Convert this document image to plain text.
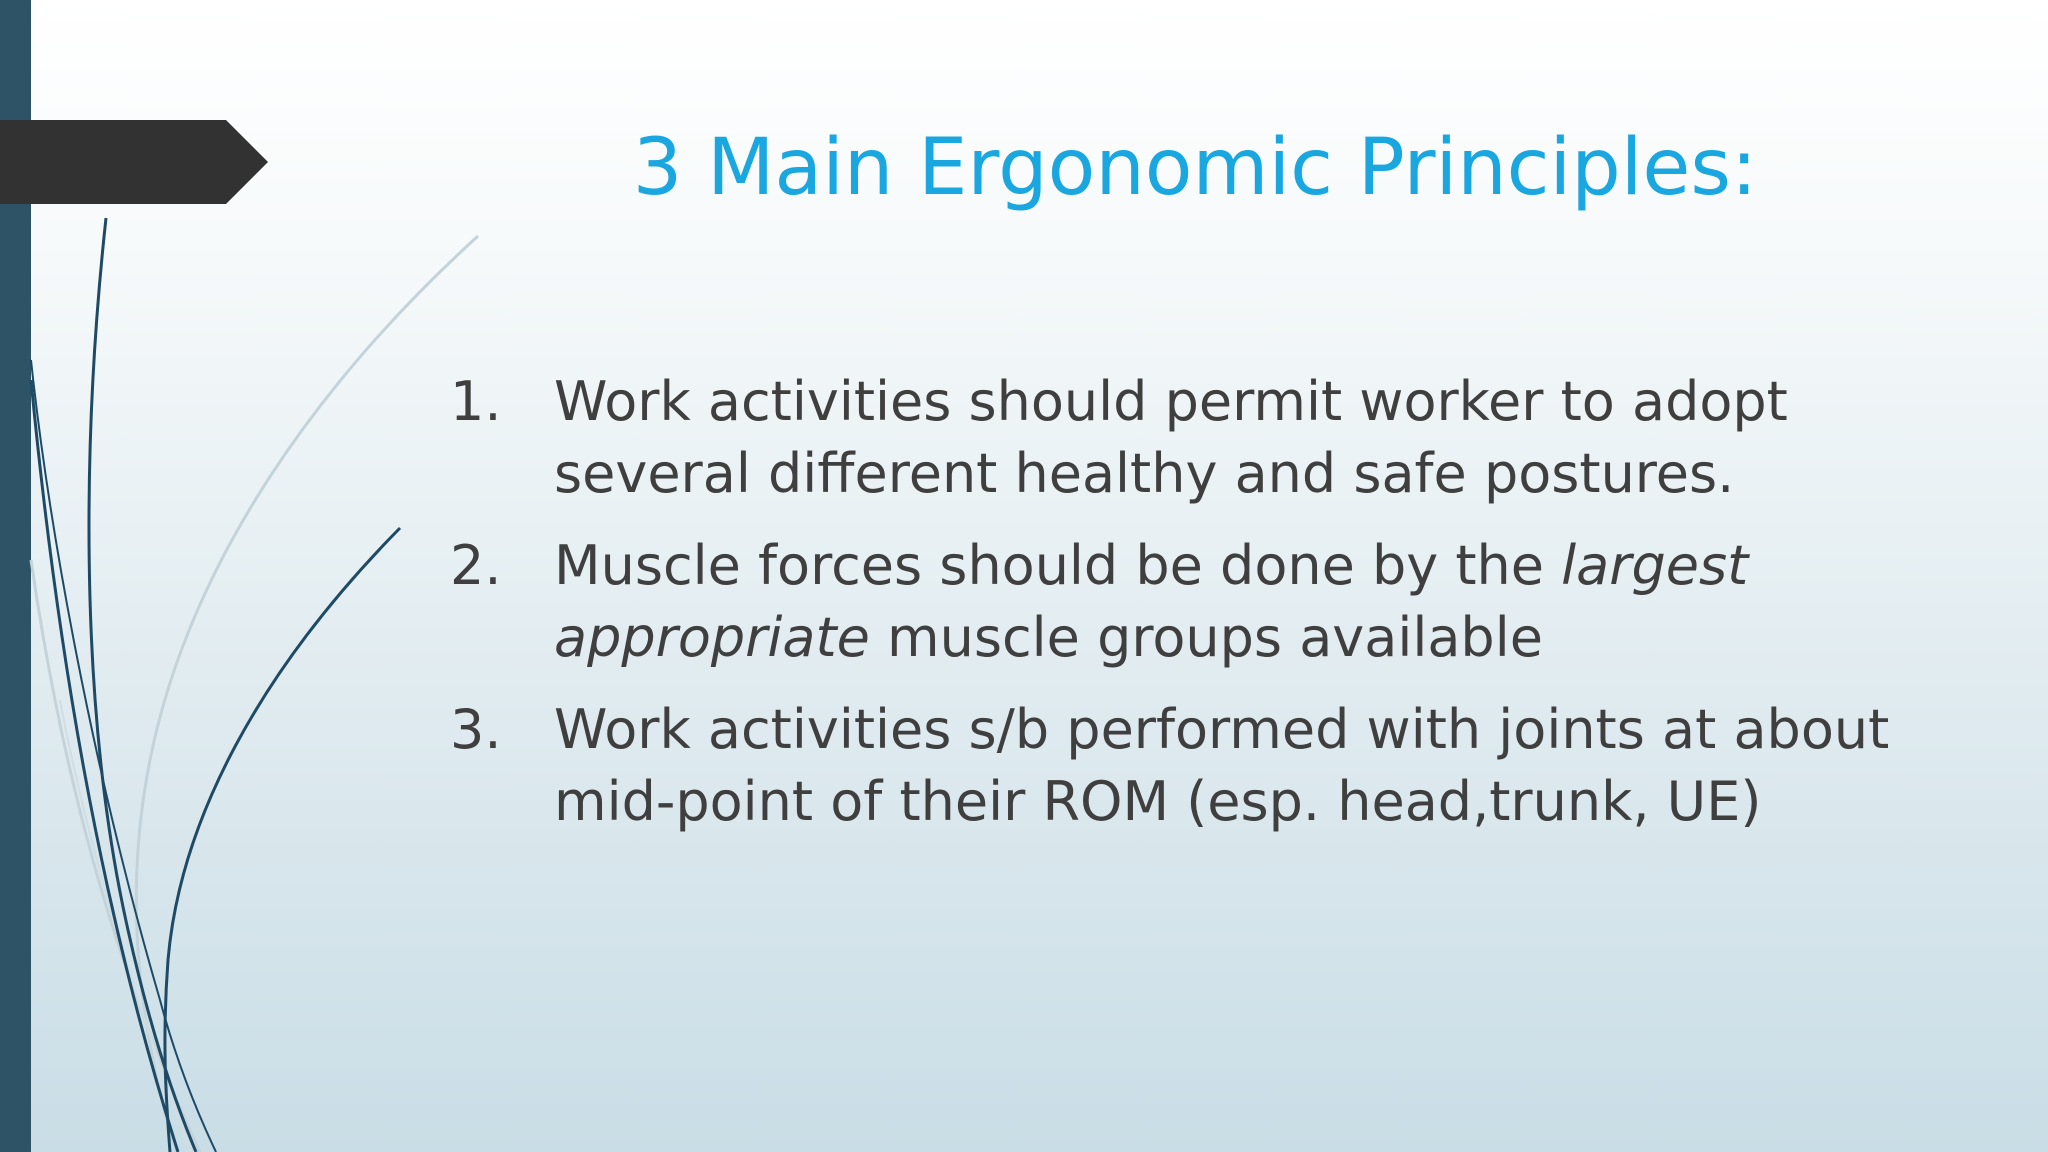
3 Main Ergonomic Principles:
1. Work activities should permit worker to adopt several different healthy and safe postures.
2. Muscle forces should be done by the largest appropriate muscle groups available
3. Work activities s/b performed with joints at about mid-point of their ROM (esp. head,trunk, UE)
